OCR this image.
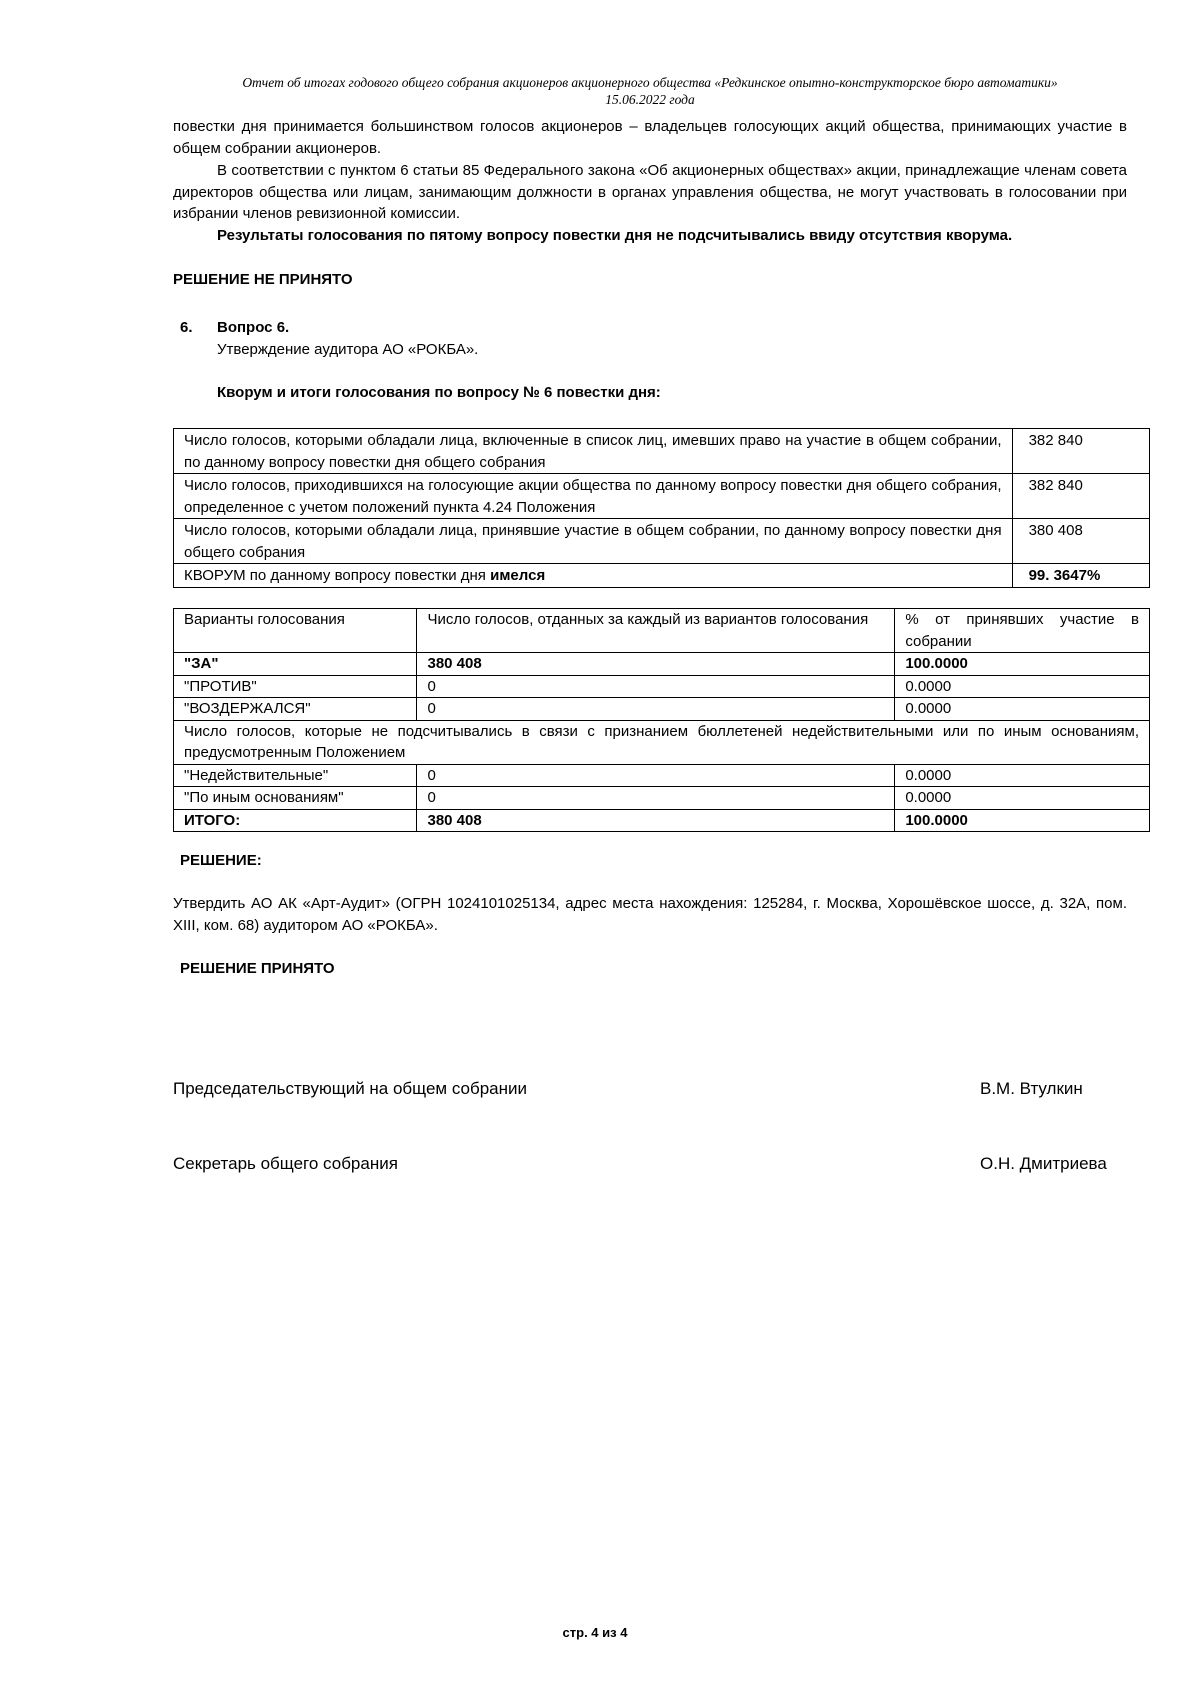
Отчет об итогах годового общего собрания акционеров акционерного общества «Редкинское опытно-конструкторское бюро автоматики»
15.06.2022 года
повестки дня принимается большинством голосов акционеров – владельцев голосующих акций общества, принимающих участие в общем собрании акционеров.
В соответствии с пунктом 6 статьи 85 Федерального закона «Об акционерных обществах» акции, принадлежащие членам совета директоров общества или лицам, занимающим должности в органах управления общества, не могут участвовать в голосовании при избрании членов ревизионной комиссии.
Результаты голосования по пятому вопросу повестки дня не подсчитывались ввиду отсутствия кворума.
РЕШЕНИЕ НЕ ПРИНЯТО
6. Вопрос 6.
Утверждение аудитора АО «РОКБА».
Кворум и итоги голосования по вопросу № 6 повестки дня:
Число голосов, которыми обладали лица, включенные в список лиц, имевших право на участие в общем собрании, по данному вопросу повестки дня общего собрания	382 840
Число голосов, приходившихся на голосующие акции общества по данному вопросу повестки дня общего собрания, определенное с учетом положений пункта 4.24 Положения	382 840
Число голосов, которыми обладали лица, принявшие участие в общем собрании, по данному вопросу повестки дня общего собрания	380 408
КВОРУМ по данному вопросу повестки дня имелся	99. 3647%
Варианты голосования	Число голосов, отданных за каждый из вариантов голосования	% от принявших участие в собрании
"ЗА"	380 408	100.0000
"ПРОТИВ"	0	0.0000
"ВОЗДЕРЖАЛСЯ"	0	0.0000
Число голосов, которые не подсчитывались в связи с признанием бюллетеней недействительными или по иным основаниям, предусмотренным Положением		
"Недействительные"	0	0.0000
"По иным основаниям"	0	0.0000
ИТОГО:	380 408	100.0000
РЕШЕНИЕ:
Утвердить АО АК «Арт-Аудит» (ОГРН 1024101025134, адрес места нахождения: 125284, г. Москва, Хорошёвское шоссе, д. 32А, пом. XIII, ком. 68) аудитором АО «РОКБА».
РЕШЕНИЕ ПРИНЯТО
Председательствующий на общем собрании	В.М. Втулкин
Секретарь общего собрания	О.Н. Дмитриева
стр. 4 из 4
